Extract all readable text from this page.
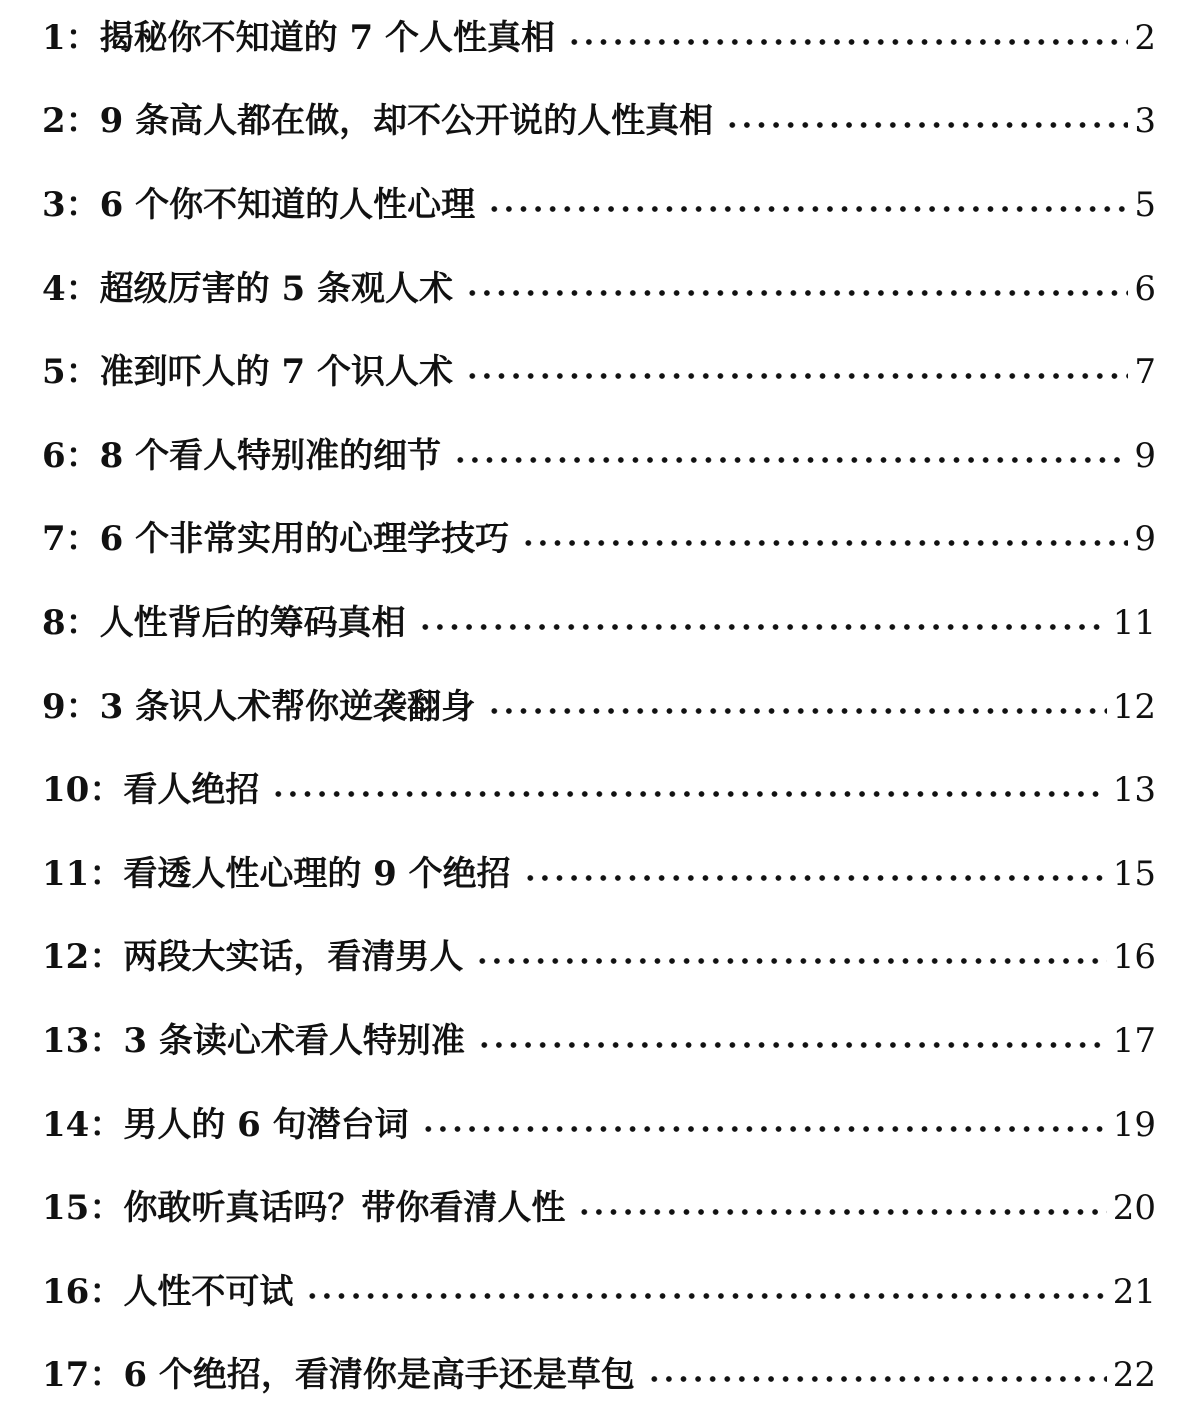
1： 揭秘你不知道的 7 个人性真相	2
2： 9 条高人都在做，却不公开说的人性真相	3
3： 6 个你不知道的人性心理	5
4： 超级厉害的 5 条观人术	6
5： 准到吓人的 7 个识人术	7
6： 8 个看人特别准的细节	9
7： 6 个非常实用的心理学技巧	9
8： 人性背后的筹码真相	11
9： 3 条识人术帮你逆袭翻身	12
10： 看人绝招	13
11： 看透人性心理的 9 个绝招	15
12： 两段大实话，看清男人	16
13： 3 条读心术看人特别准	17
14： 男人的 6 句潜台词	19
15： 你敢听真话吗？带你看清人性	20
16： 人性不可试	21
17： 6 个绝招，看清你是高手还是草包	22
